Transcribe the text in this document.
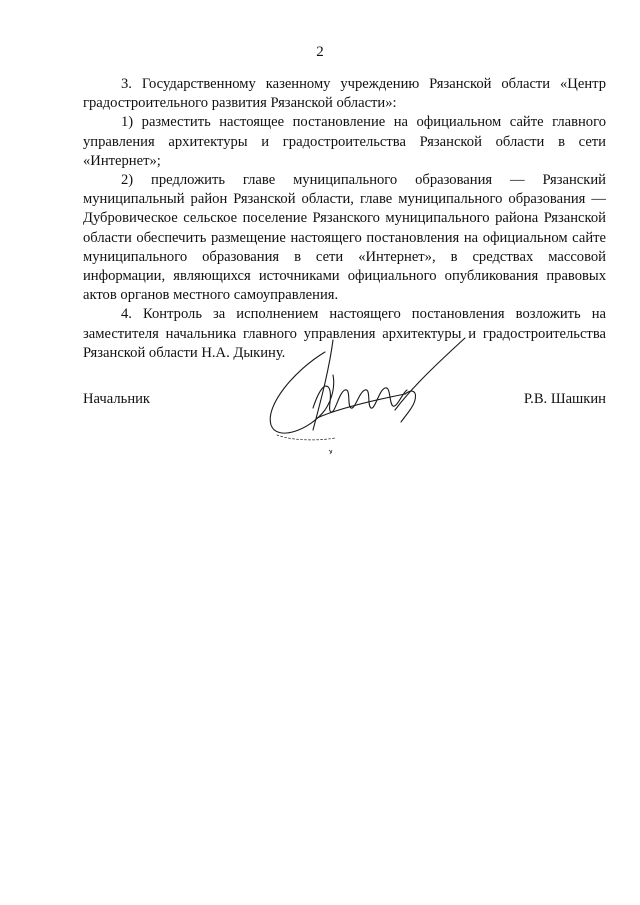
2

3. Государственному казенному учреждению Рязанской области «Центр градостроительного развития Рязанской области»:

1) разместить настоящее постановление на официальном сайте главного управления архитектуры и градостроительства Рязанской области в сети «Интернет»;

2) предложить главе муниципального образования — Рязанский муниципальный район Рязанской области, главе муниципального образования — Дубровическое сельское поселение Рязанского муниципального района Рязанской области обеспечить размещение настоящего постановления на официальном сайте муниципального образования в сети «Интернет», в средствах массовой информации, являющихся источниками официального опубликования правовых актов органов местного самоуправления.

4. Контроль за исполнением настоящего постановления возложить на заместителя начальника главного управления архитектуры и градостроительства Рязанской области Н.А. Дыкину.

Начальник	Р.В. Шашкин
